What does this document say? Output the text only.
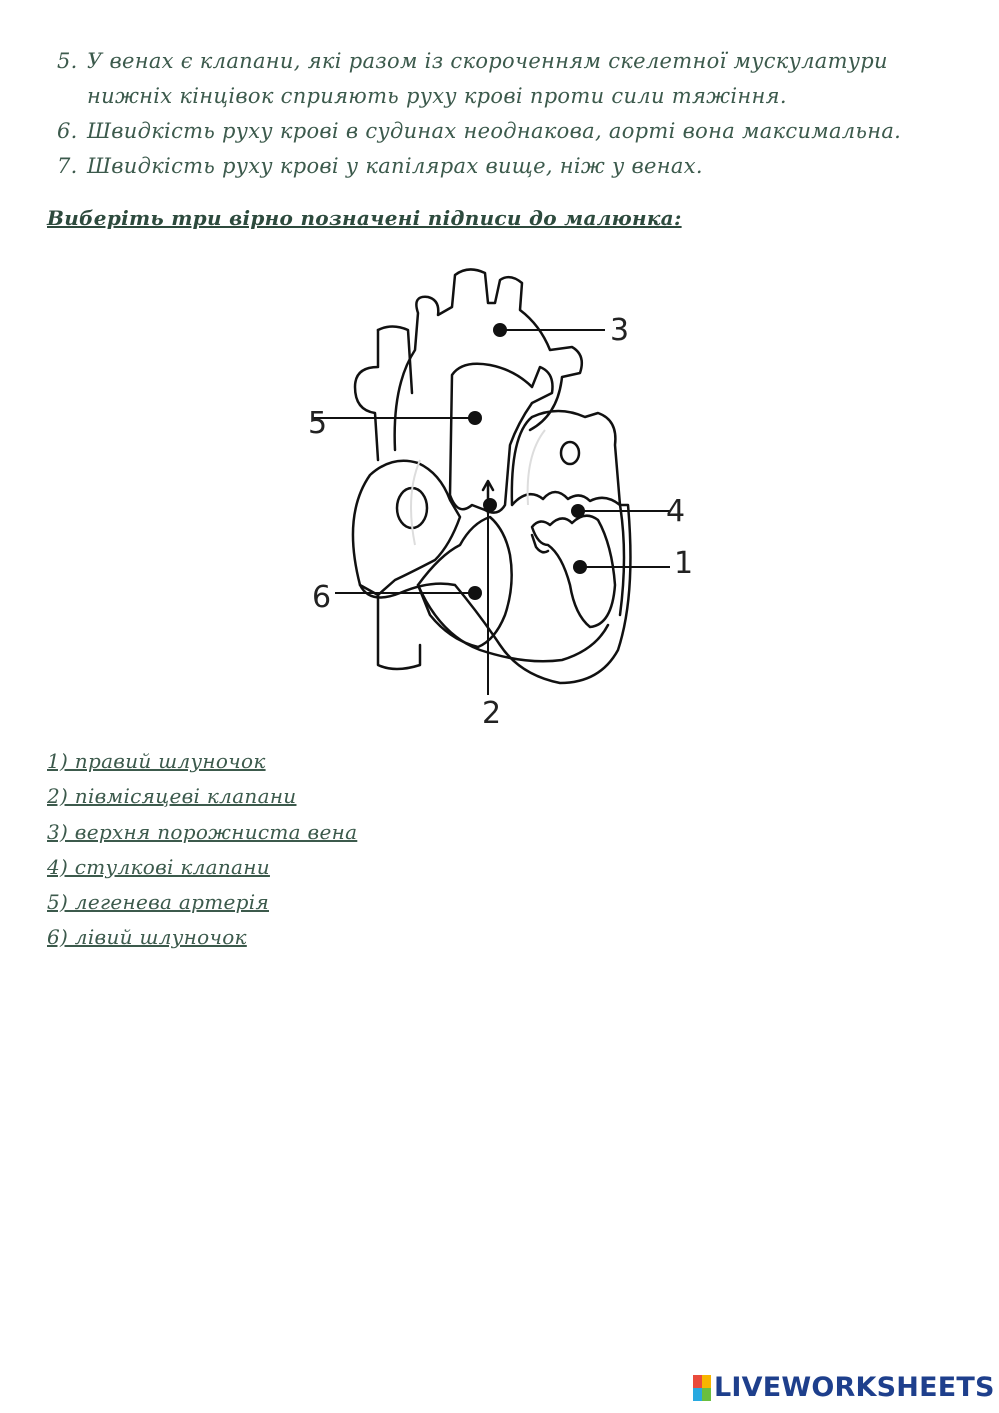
5. У венах є клапани, які разом із скороченням скелетної мускулатури нижніх кінцівок сприяють руху крові проти сили тяжіння.
6. Швидкість руху крові в судинах неоднакова, аорті вона максимальна.
7. Швидкість руху крові у капілярах вище, ніж у венах.
Виберіть три вірно позначені підписи до малюнка:
3
5
4
1
6
2
1) правий шлуночок
2) півмісяцеві клапани
3) верхня порожниста вена
4) стулкові клапани
5) легенева артерія
6) лівий шлуночок
LIVEWORKSHEETS
